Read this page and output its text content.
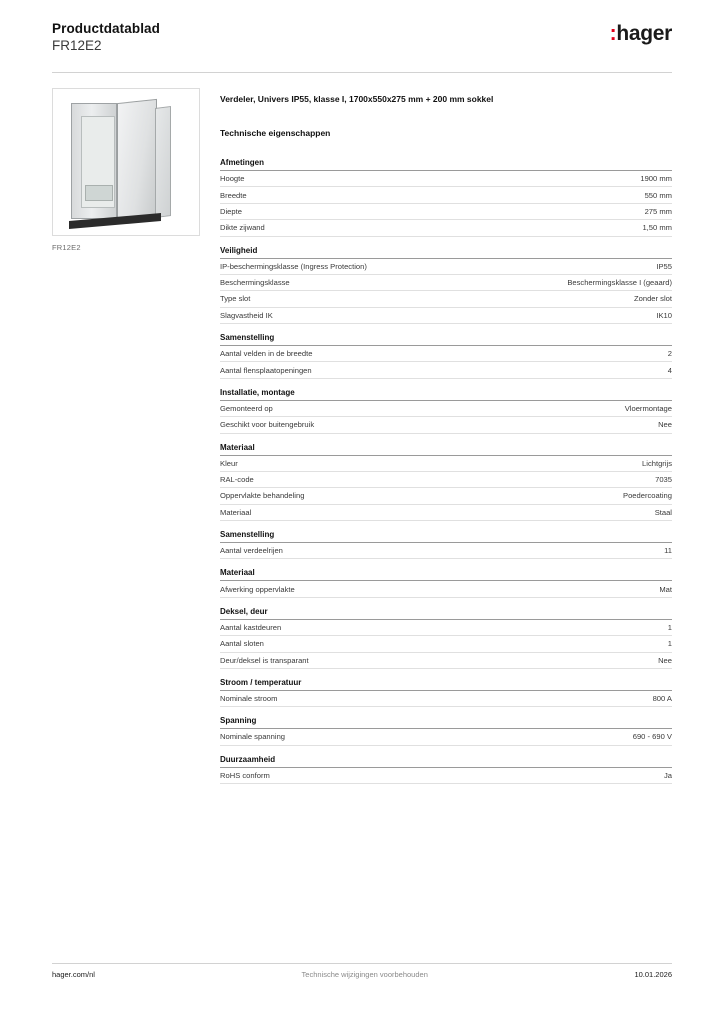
Productdatablad
FR12E2
:hager
FR12E2
Verdeler, Univers IP55, klasse I, 1700x550x275 mm + 200 mm sokkel
Technische eigenschappen
Afmetingen
Hoogte	1900 mm
Breedte	550 mm
Diepte	275 mm
Dikte zijwand	1,50 mm
Veiligheid
IP-beschermingsklasse (Ingress Protection)	IP55
Beschermingsklasse	Beschermingsklasse I (geaard)
Type slot	Zonder slot
Slagvastheid IK	IK10
Samenstelling
Aantal velden in de breedte	2
Aantal flensplaatopeningen	4
Installatie, montage
Gemonteerd op	Vloermontage
Geschikt voor buitengebruik	Nee
Materiaal
Kleur	Lichtgrijs
RAL-code	7035
Oppervlakte behandeling	Poedercoating
Materiaal	Staal
Samenstelling
Aantal verdeelrijen	11
Materiaal
Afwerking oppervlakte	Mat
Deksel, deur
Aantal kastdeuren	1
Aantal sloten	1
Deur/deksel is transparant	Nee
Stroom / temperatuur
Nominale stroom	800 A
Spanning
Nominale spanning	690 - 690 V
Duurzaamheid
RoHS conform	Ja
hager.com/nl	Technische wijzigingen voorbehouden	10.01.2026
